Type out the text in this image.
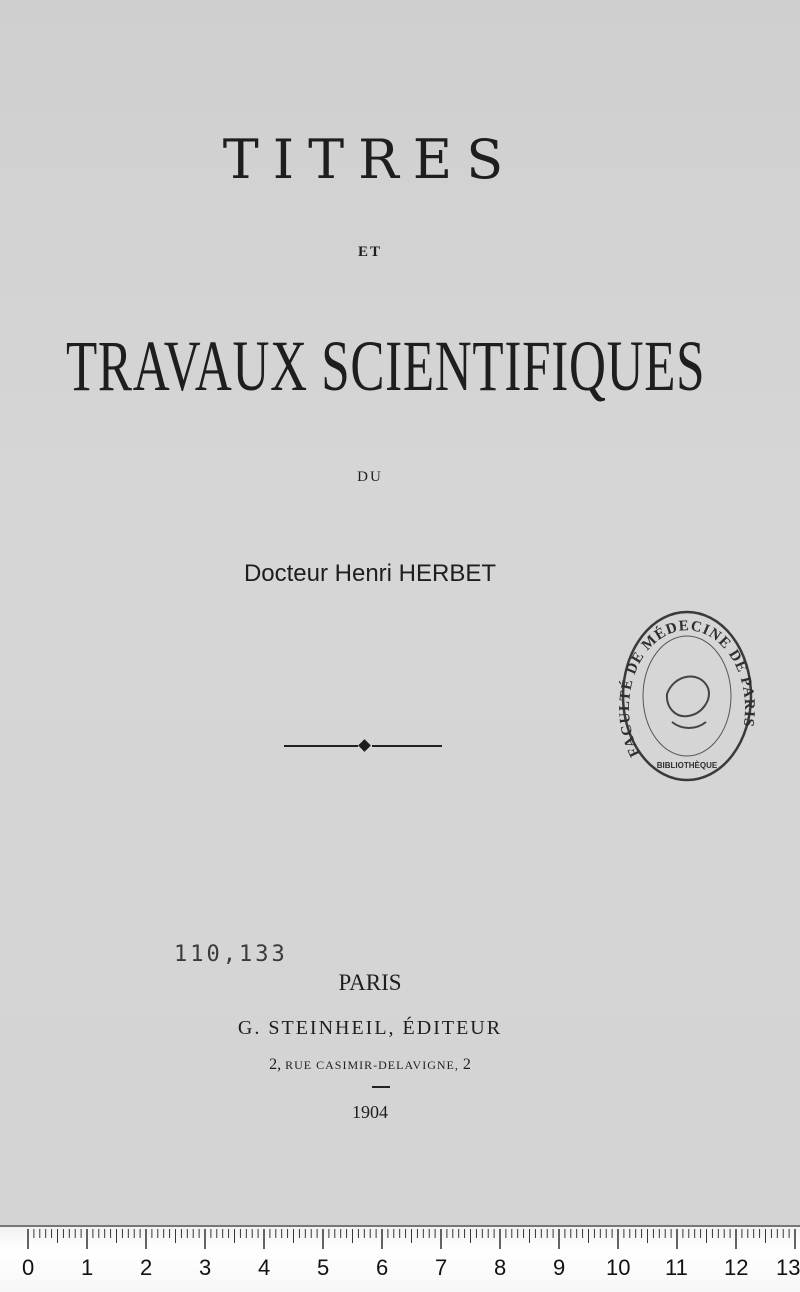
TITRES
ET
TRAVAUX SCIENTIFIQUES
DU
Docteur Henri HERBET
FACULTÉ DE MÉDECINE DE PARIS
BIBLIOTHÈQUE
110,133
PARIS
G. STEINHEIL, ÉDITEUR
2, RUE CASIMIR-DELAVIGNE, 2
1904
0 1 2 3 4 5 6 7 8 9 10 11 12 13
